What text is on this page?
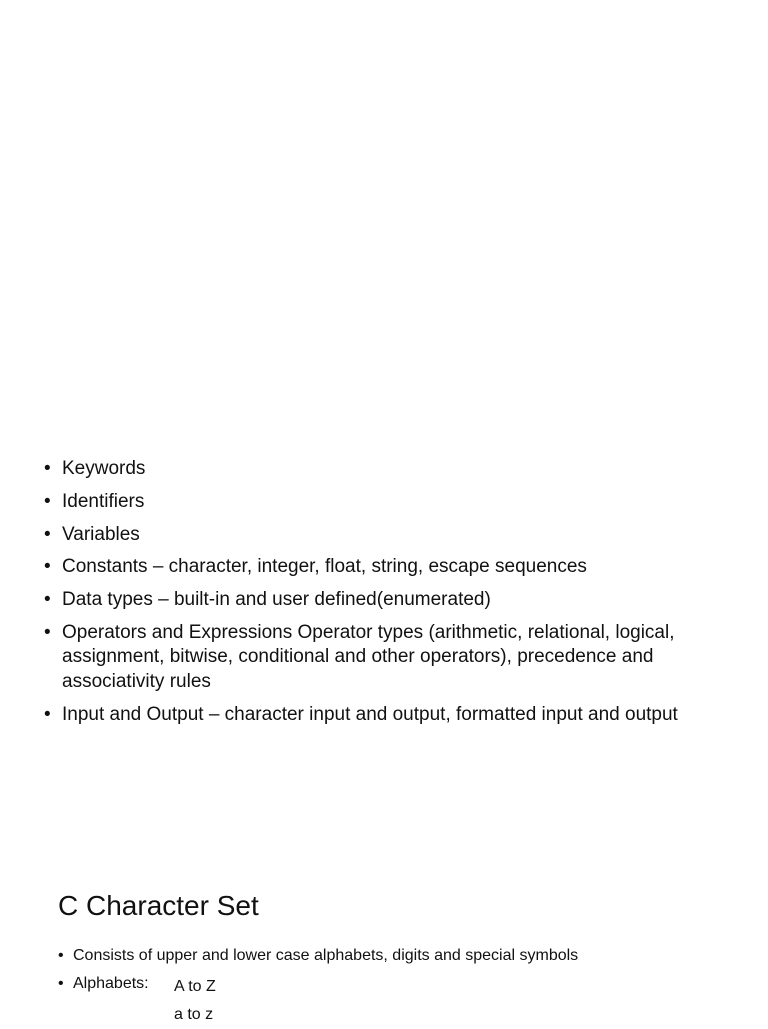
• Keywords
• Identifiers
• Variables
• Constants – character, integer, float, string, escape sequences
• Data types – built-in and user defined(enumerated)
• Operators and Expressions Operator types (arithmetic, relational, logical, assignment, bitwise, conditional and other operators), precedence and associativity rules
• Input and Output – character input and output, formatted input and output
C Character Set
• Consists of upper and lower case alphabets, digits and special symbols
• Alphabets:	A to Z
a to z
